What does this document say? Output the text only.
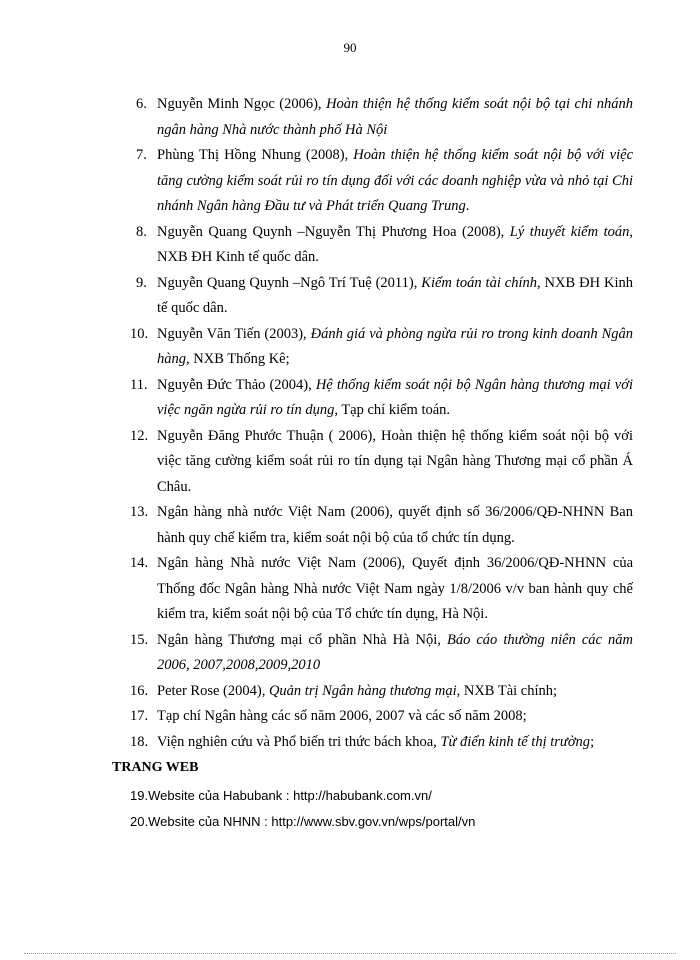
90
6. Nguyễn Minh Ngọc (2006), Hoàn thiện hệ thống kiểm soát nội bộ tại chi nhánh ngân hàng Nhà nước thành phố Hà Nội
7. Phùng Thị Hồng Nhung (2008), Hoàn thiện hệ thống kiểm soát nội bộ với việc tăng cường kiểm soát rủi ro tín dụng đối với các doanh nghiệp vừa và nhỏ tại Chi nhánh Ngân hàng Đầu tư và Phát triển Quang Trung.
8. Nguyễn Quang Quynh –Nguyễn Thị Phương Hoa (2008), Lý thuyết kiểm toán, NXB ĐH Kinh tế quốc dân.
9. Nguyễn Quang Quynh –Ngô Trí Tuệ (2011), Kiểm toán tài chính, NXB ĐH Kinh tế quốc dân.
10. Nguyễn Văn Tiến (2003), Đánh giá và phòng ngừa rủi ro trong kinh doanh Ngân hàng, NXB Thống Kê;
11. Nguyễn Đức Thảo (2004), Hệ thống kiểm soát nội bộ Ngân hàng thương mại với việc ngăn ngừa rủi ro tín dụng, Tạp chí kiểm toán.
12. Nguyễn Đăng Phước Thuận ( 2006), Hoàn thiện hệ thống kiểm soát nội bộ với việc tăng cường kiểm soát rủi ro tín dụng tại Ngân hàng Thương mại cổ phần Á Châu.
13. Ngân hàng nhà nước Việt Nam (2006), quyết định số 36/2006/QĐ-NHNN Ban hành quy chế kiểm tra, kiểm soát nội bộ của tổ chức tín dụng.
14. Ngân hàng Nhà nước Việt Nam (2006), Quyết định 36/2006/QĐ-NHNN của Thống đốc Ngân hàng Nhà nước Việt Nam ngày 1/8/2006 v/v ban hành quy chế kiểm tra, kiểm soát nội bộ của Tổ chức tín dụng, Hà Nội.
15. Ngân hàng Thương mại cổ phần Nhà Hà Nội, Báo cáo thường niên các năm 2006, 2007,2008,2009,2010
16. Peter Rose (2004), Quản trị Ngân hàng thương mại, NXB Tài chính;
17. Tạp chí Ngân hàng các số năm 2006, 2007 và các số năm 2008;
18. Viện nghiên cứu và Phổ biến tri thức bách khoa, Từ điển kinh tế thị trường;
TRANG WEB
19.Website của Habubank : http://habubank.com.vn/
20.Website của NHNN : http://www.sbv.gov.vn/wps/portal/vn
